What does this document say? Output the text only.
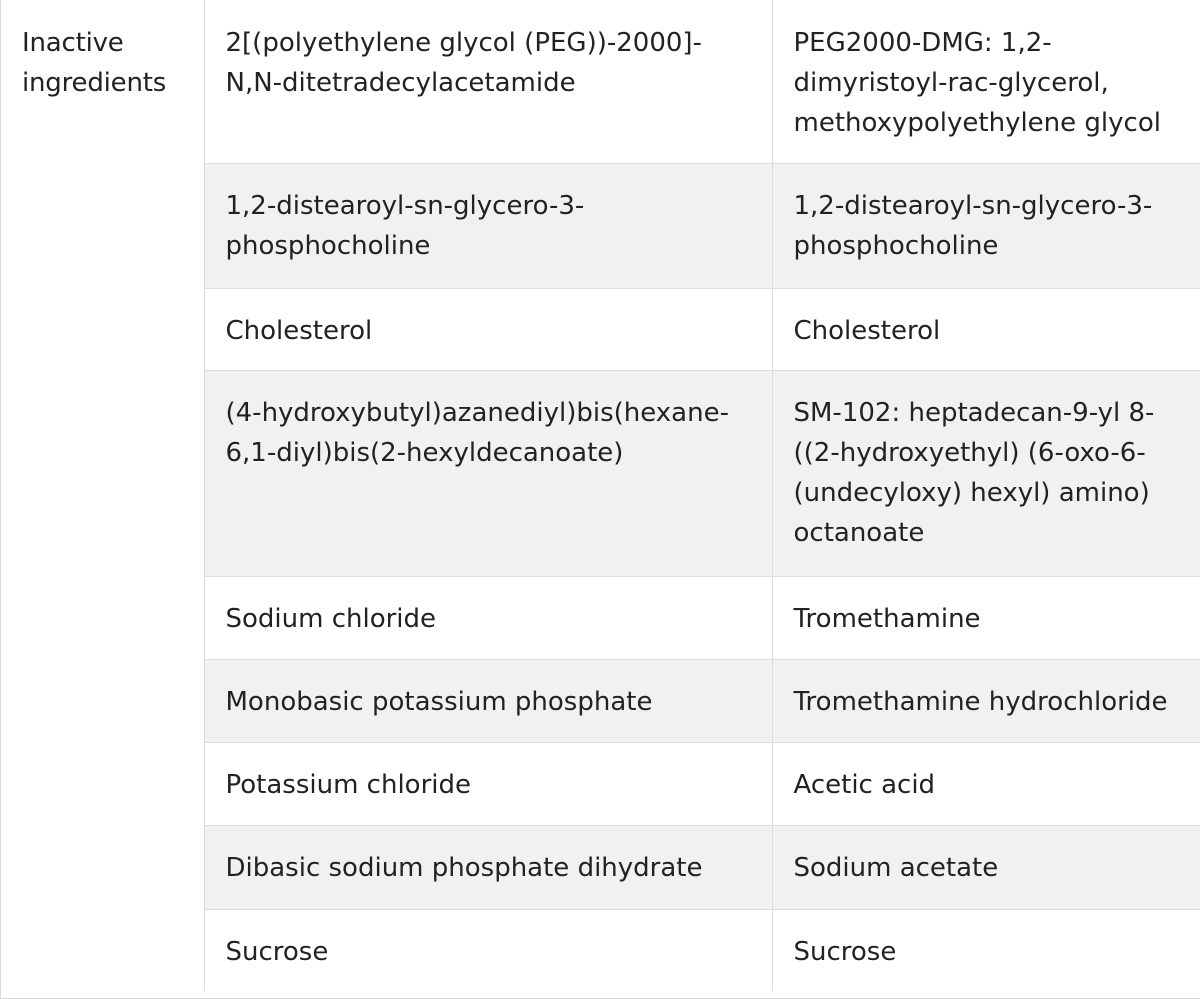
Inactive ingredients	2[(polyethylene glycol (PEG))-2000]-N,N-ditetradecylacetamide	PEG2000-DMG: 1,2-dimyristoyl-rac-glycerol, methoxypolyethylene glycol

	1,2-distearoyl-sn-glycero-3-phosphocholine	1,2-distearoyl-sn-glycero-3-phosphocholine

	Cholesterol	Cholesterol

	(4-hydroxybutyl)azanediyl)bis(hexane-6,1-diyl)bis(2-hexyldecanoate)	SM-102: heptadecan-9-yl 8-((2-hydroxyethyl) (6-oxo-6-(undecyloxy) hexyl) amino) octanoate

	Sodium chloride	Tromethamine

	Monobasic potassium phosphate	Tromethamine hydrochloride

	Potassium chloride	Acetic acid

	Dibasic sodium phosphate dihydrate	Sodium acetate

	Sucrose	Sucrose
